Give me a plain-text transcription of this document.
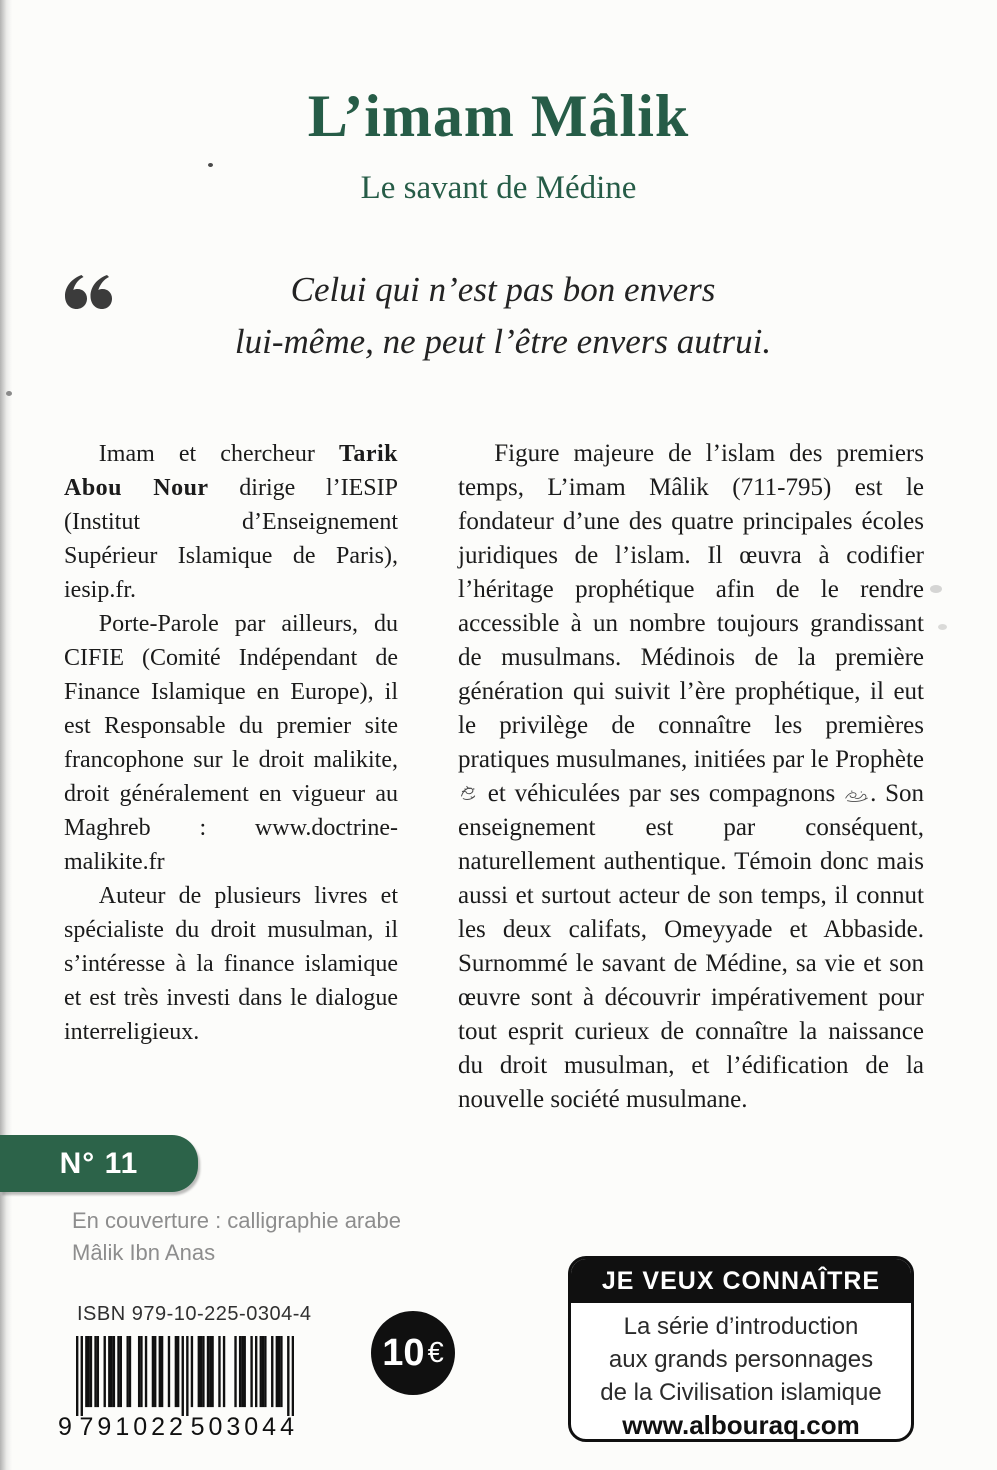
L’imam Mâlik
Le savant de Médine
Celui qui n’est pas bon envers
lui-même, ne peut l’être envers autrui.

Imam et chercheur Tarik Abou Nour dirige l’IESIP (Institut d’Enseignement Supérieur Islamique de Paris), iesip.fr.

Porte-Parole par ailleurs, du CIFIE (Comité Indépendant de Finance Islamique en Europe), il est Responsable du premier site francophone sur le droit malikite, droit généralement en vigueur au Maghreb : www.doctrine-malikite.fr

Auteur de plusieurs livres et spécialiste du droit musulman, il s’intéresse à la finance islamique et est très investi dans le dialogue interreligieux.

Figure majeure de l’islam des premiers temps, L’imam Mâlik (711-795) est le fondateur d’une des quatre principales écoles juridiques de l’islam. Il œuvra à codifier l’héritage prophétique afin de le rendre accessible à un nombre toujours grandissant de musulmans. Médinois de la première génération qui suivit l’ère prophétique, il eut le privilège de connaître les premières pratiques musulmanes, initiées par le Prophète  et véhiculées par ses compagnons . Son enseignement est par conséquent, naturellement authentique. Témoin donc mais aussi et surtout acteur de son temps, il connut les deux califats, Omeyyade et Abbaside. Surnommé le savant de Médine, sa vie et son œuvre sont à découvrir impérativement pour tout esprit curieux de connaître la naissance du droit musulman, et l’édification de la nouvelle société musulmane.

N° 11
En couverture : calligraphie arabe
Mâlik Ibn Anas
ISBN 979-10-225-0304-4
9 791022 503044
10 €
JE VEUX CONNAÎTRE
La série d’introduction
aux grands personnages
de la Civilisation islamique
www.albouraq.com
